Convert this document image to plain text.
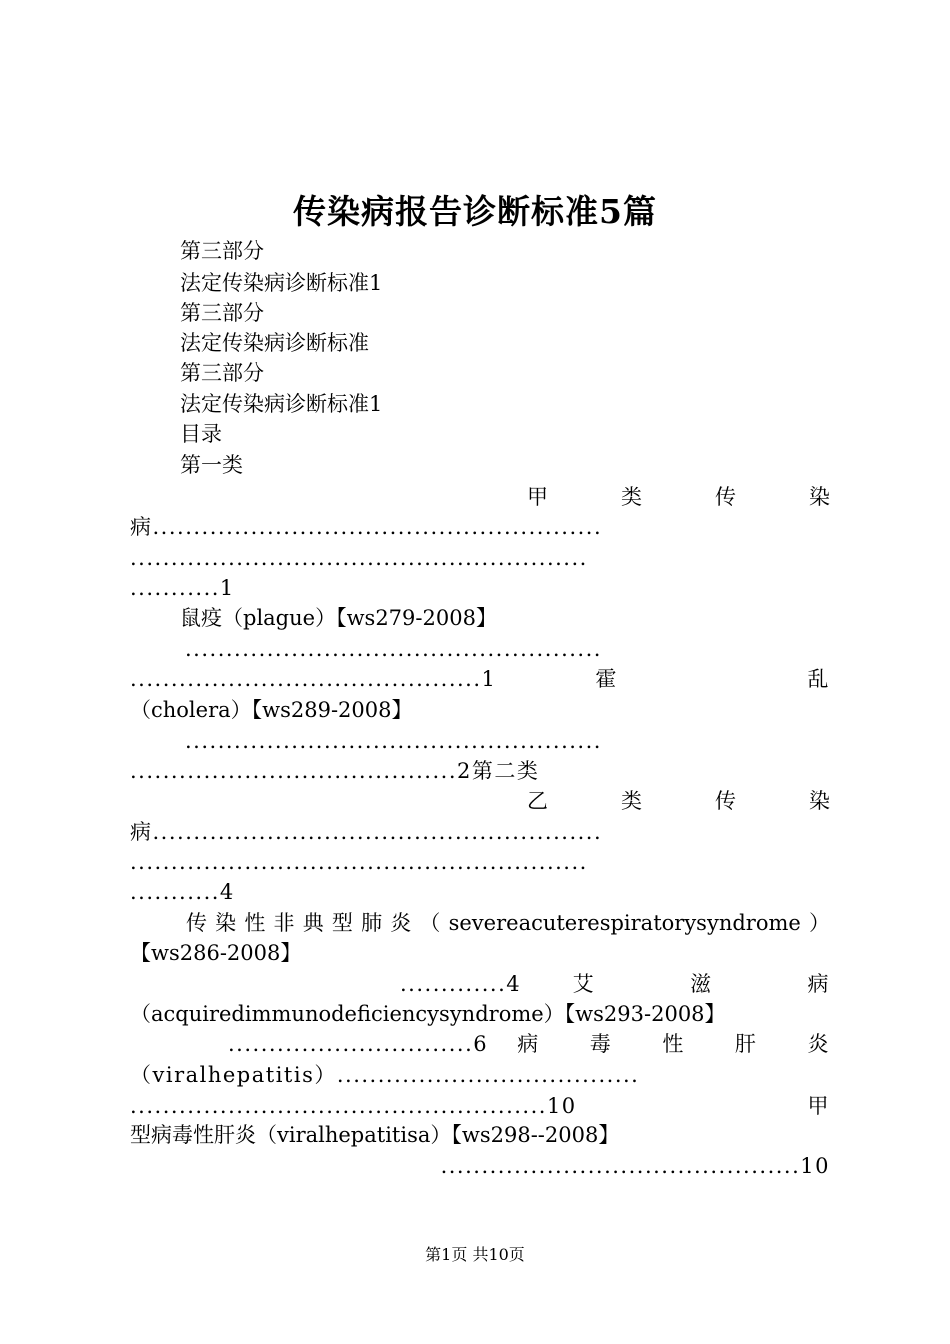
传染病报告诊断标准5篇
第三部分
法定传染病诊断标准1
第三部分
法定传染病诊断标准
第三部分
法定传染病诊断标准1
目录
第一类
甲 类 传 染
病.......................................................
........................................................
...........1
鼠疫（plague）【ws279-2008】
...................................................
...........................................1 霍 乱
（cholera）【ws289-2008】
...................................................
........................................2第二类
乙 类 传 染
病.......................................................
........................................................
...........4
传染性非典型肺炎（severeacuterespiratorysyndrome）
【ws286-2008】
.............4 艾 滋 病
（acquiredimmunodeficiencysyndrome）【ws293-2008】
..............................6 病 毒 性 肝 炎
（viralhepatitis）.....................................
...................................................10 甲
型病毒性肝炎（viralhepatitisa）【ws298--2008】
............................................10
第1页 共10页
